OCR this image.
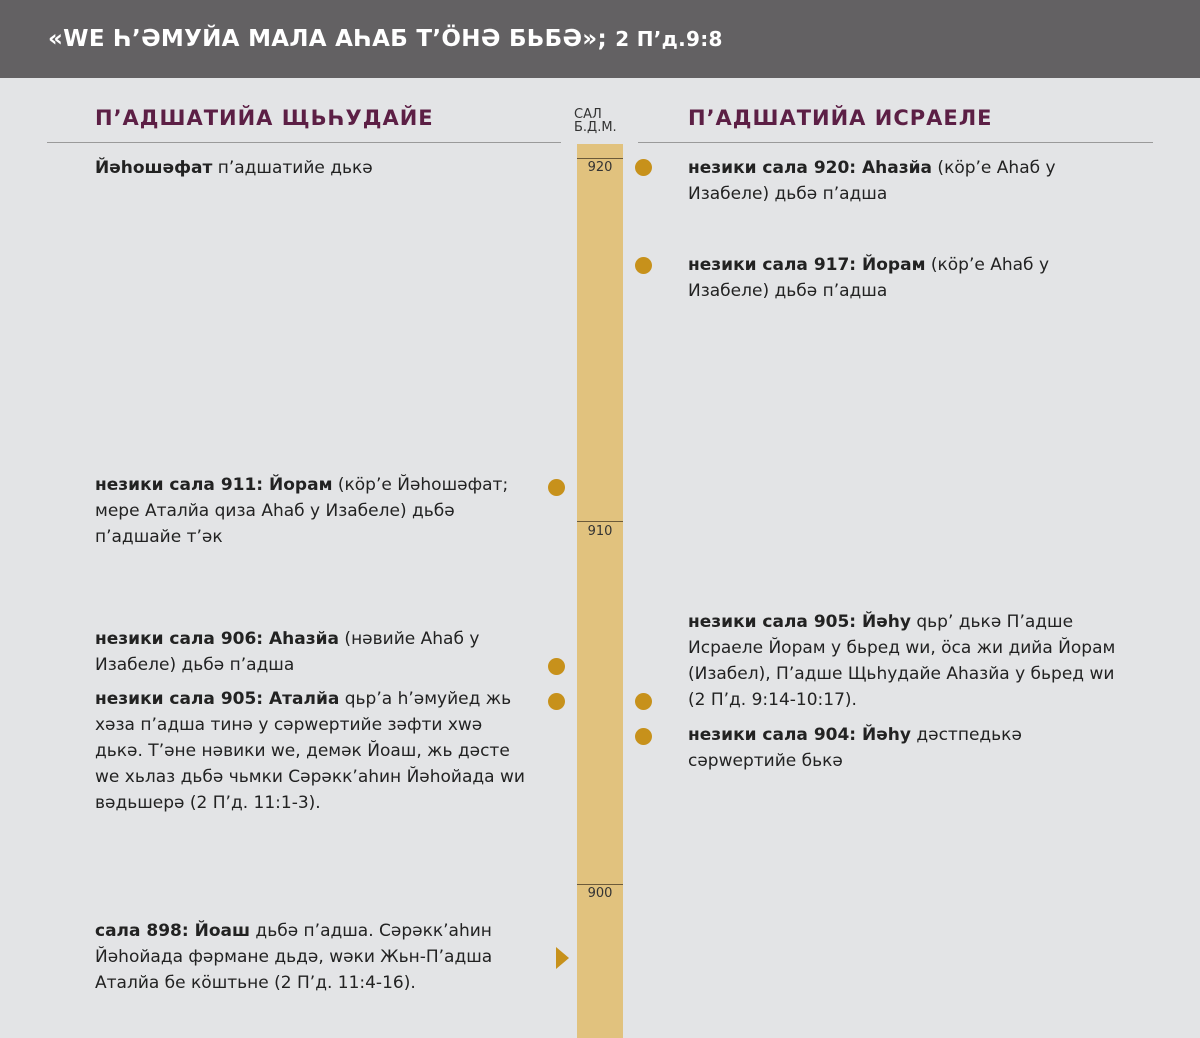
«WE Һ’ƏMУЙА МАЛА АҺАБ Т’ӦНƏ БЬБƏ»; 2 П’д.9:8
П’АДШАТИЙА ЩЬҺУДАЙЕ	П’АДШАТИЙА ИСРАЕЛЕ
САЛ
Б.Д.М.
920
910
900

Йəһошəфат п’адшатийе дькə

незики сала 911: Йорам (кӧр’е Йəһошəфат; мере Аталйа qиза Аһаб у Изабеле) дьбə п’адшайе т’əк

незики сала 906: Аһазйа (нəвийе Аһаб у Изабеле) дьбə п’адша

незики сала 905: Аталйа qьр’а һ’əмуйед жь хəза п’адша тинə у сəрwертийе зəфти хwə дькə. Т’əне нəвики we, демəк Йоаш, жь дəсте we хьлаз дьбə чьмки Сəрəкк’аһин Йəһойада wи вəдьшерə (2 П’д. 11:1-3).

сала 898: Йоаш дьбə п’адша. Сəрəкк’аһин Йəһойада фəрмане дьдə, wəки Жьн-П’адша Аталйа бе кӧштьне (2 П’д. 11:4-16).

незики сала 920: Аһазйа (кӧр’е Аһаб у Изабеле) дьбə п’адша

незики сала 917: Йорам (кӧр’е Аһаб у Изабеле) дьбə п’адша

незики сала 905: Йəһу qьр’ дькə П’адше Исраеле Йорам у бьред wи, ӧса жи дийа Йорам (Изабел), П’адше Щьһудайе Аһазйа у бьред wи (2 П’д. 9:14-10:17).

незики сала 904: Йəһу дəстпедькə сəрwертийе бькə
